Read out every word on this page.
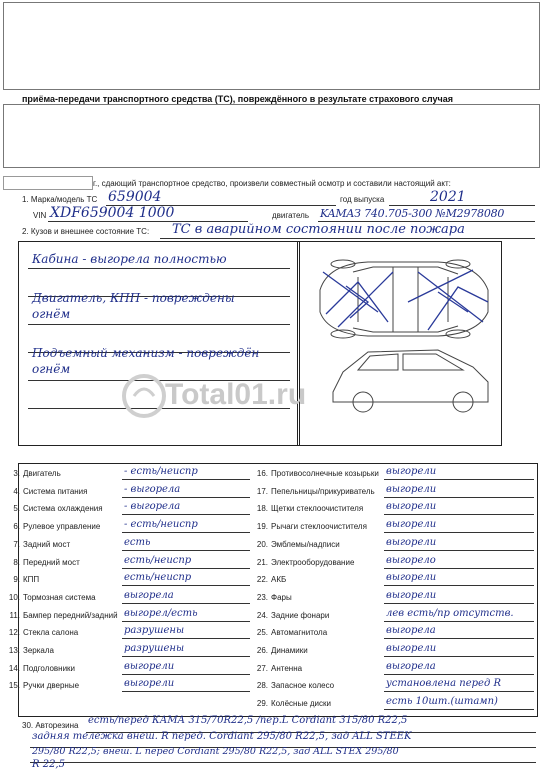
приёма-передачи транспортного средства (ТС), повреждённого в результате страхового случая
г., сдающий транспортное средство, произвели совместный осмотр и составили настоящий акт:
1. Марка/модель ТС 659004	год выпуска	2021
VIN XDF659004 1000	двигатель KAMAЗ 740.705-300 №М2978080
2. Кузов и внешнее состояние ТС: ТС в аварийном состоянии после пожара
Кабина - выгорела полностью
Двигатель, КПП - повреждены огнём
Подъемный механизм - повреждён огнём
Total01.ru
3. Двигатель	- есть/неиспр
4. Система питания	- выгорела
5. Система охлаждения - выгорела
6. Рулевое управление - есть/неиспр
7. Задний мост	есть
8. Передний мост	есть/неиспр
9. КПП	есть/неиспр
10. Тормозная система	выгорела
11. Бампер передний/задний выгорел/есть
12. Стекла салона	разрушены
13. Зеркала	разрушены
14. Подголовники	выгорели
15. Ручки дверные	выгорели
16. Противосолнечные козырьки выгорели
17. Пепельницы/прикуриватель выгорели
18. Щетки стеклоочистителя выгорели
19. Рычаги стеклоочистителя выгорели
20. Эмблемы/надписи	выгорели
21. Электрооборудование	выгорело
22. АКБ	выгорели
23. Фары	выгорели
24. Задние фонари	лев есть/пр отсутств.
25. Автомагнитола	выгорела
26. Динамики	выгорели
27. Антенна	выгорела
28. Запасное колесо	установлена перед R
29. Колёсные диски	есть 10шт.(штамп)
30. Авторезина есть/перед КАМА 315/70R22,5 /пер.L Cordiant 315/80 R22,5
задняя тележка внеш. R перед. Cordiant 295/80 R22,5, зад ALL STEEK
295/80 R22,5; внеш. L перед Cordiant 295/80 R22,5, зад ALL STEX 295/80
R 22,5
